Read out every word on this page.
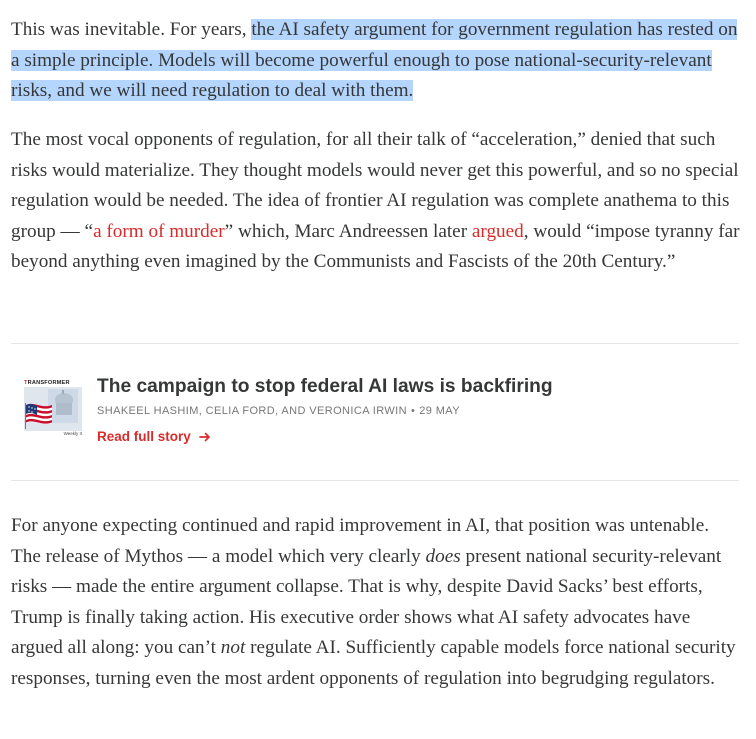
This was inevitable. For years, the AI safety argument for government regulation has rested on a simple principle. Models will become powerful enough to pose national-security-relevant risks, and we will need regulation to deal with them.

The most vocal opponents of regulation, for all their talk of “acceleration,” denied that such risks would materialize. They thought models would never get this powerful, and so no special regulation would be needed. The idea of frontier AI regulation was complete anathema to this group — “a form of murder” which, Marc Andreessen later argued, would “impose tyranny far beyond anything even imagined by the Communists and Fascists of the 20th Century.”

For anyone expecting continued and rapid improvement in AI, that position was untenable. The release of Mythos — a model which very clearly does present national security-relevant risks — made the entire argument collapse. That is why, despite David Sacks’ best efforts, Trump is finally taking action. His executive order shows what AI safety advocates have argued all along: you can’t not regulate AI. Sufficiently capable models force national security responses, turning even the most ardent opponents of regulation into begrudging regulators.

TRANSFORMER
Weekly II
The campaign to stop federal AI laws is backfiring
SHAKEEL HASHIM, CELIA FORD, AND VERONICA IRWIN • 29 MAY
Read full story
